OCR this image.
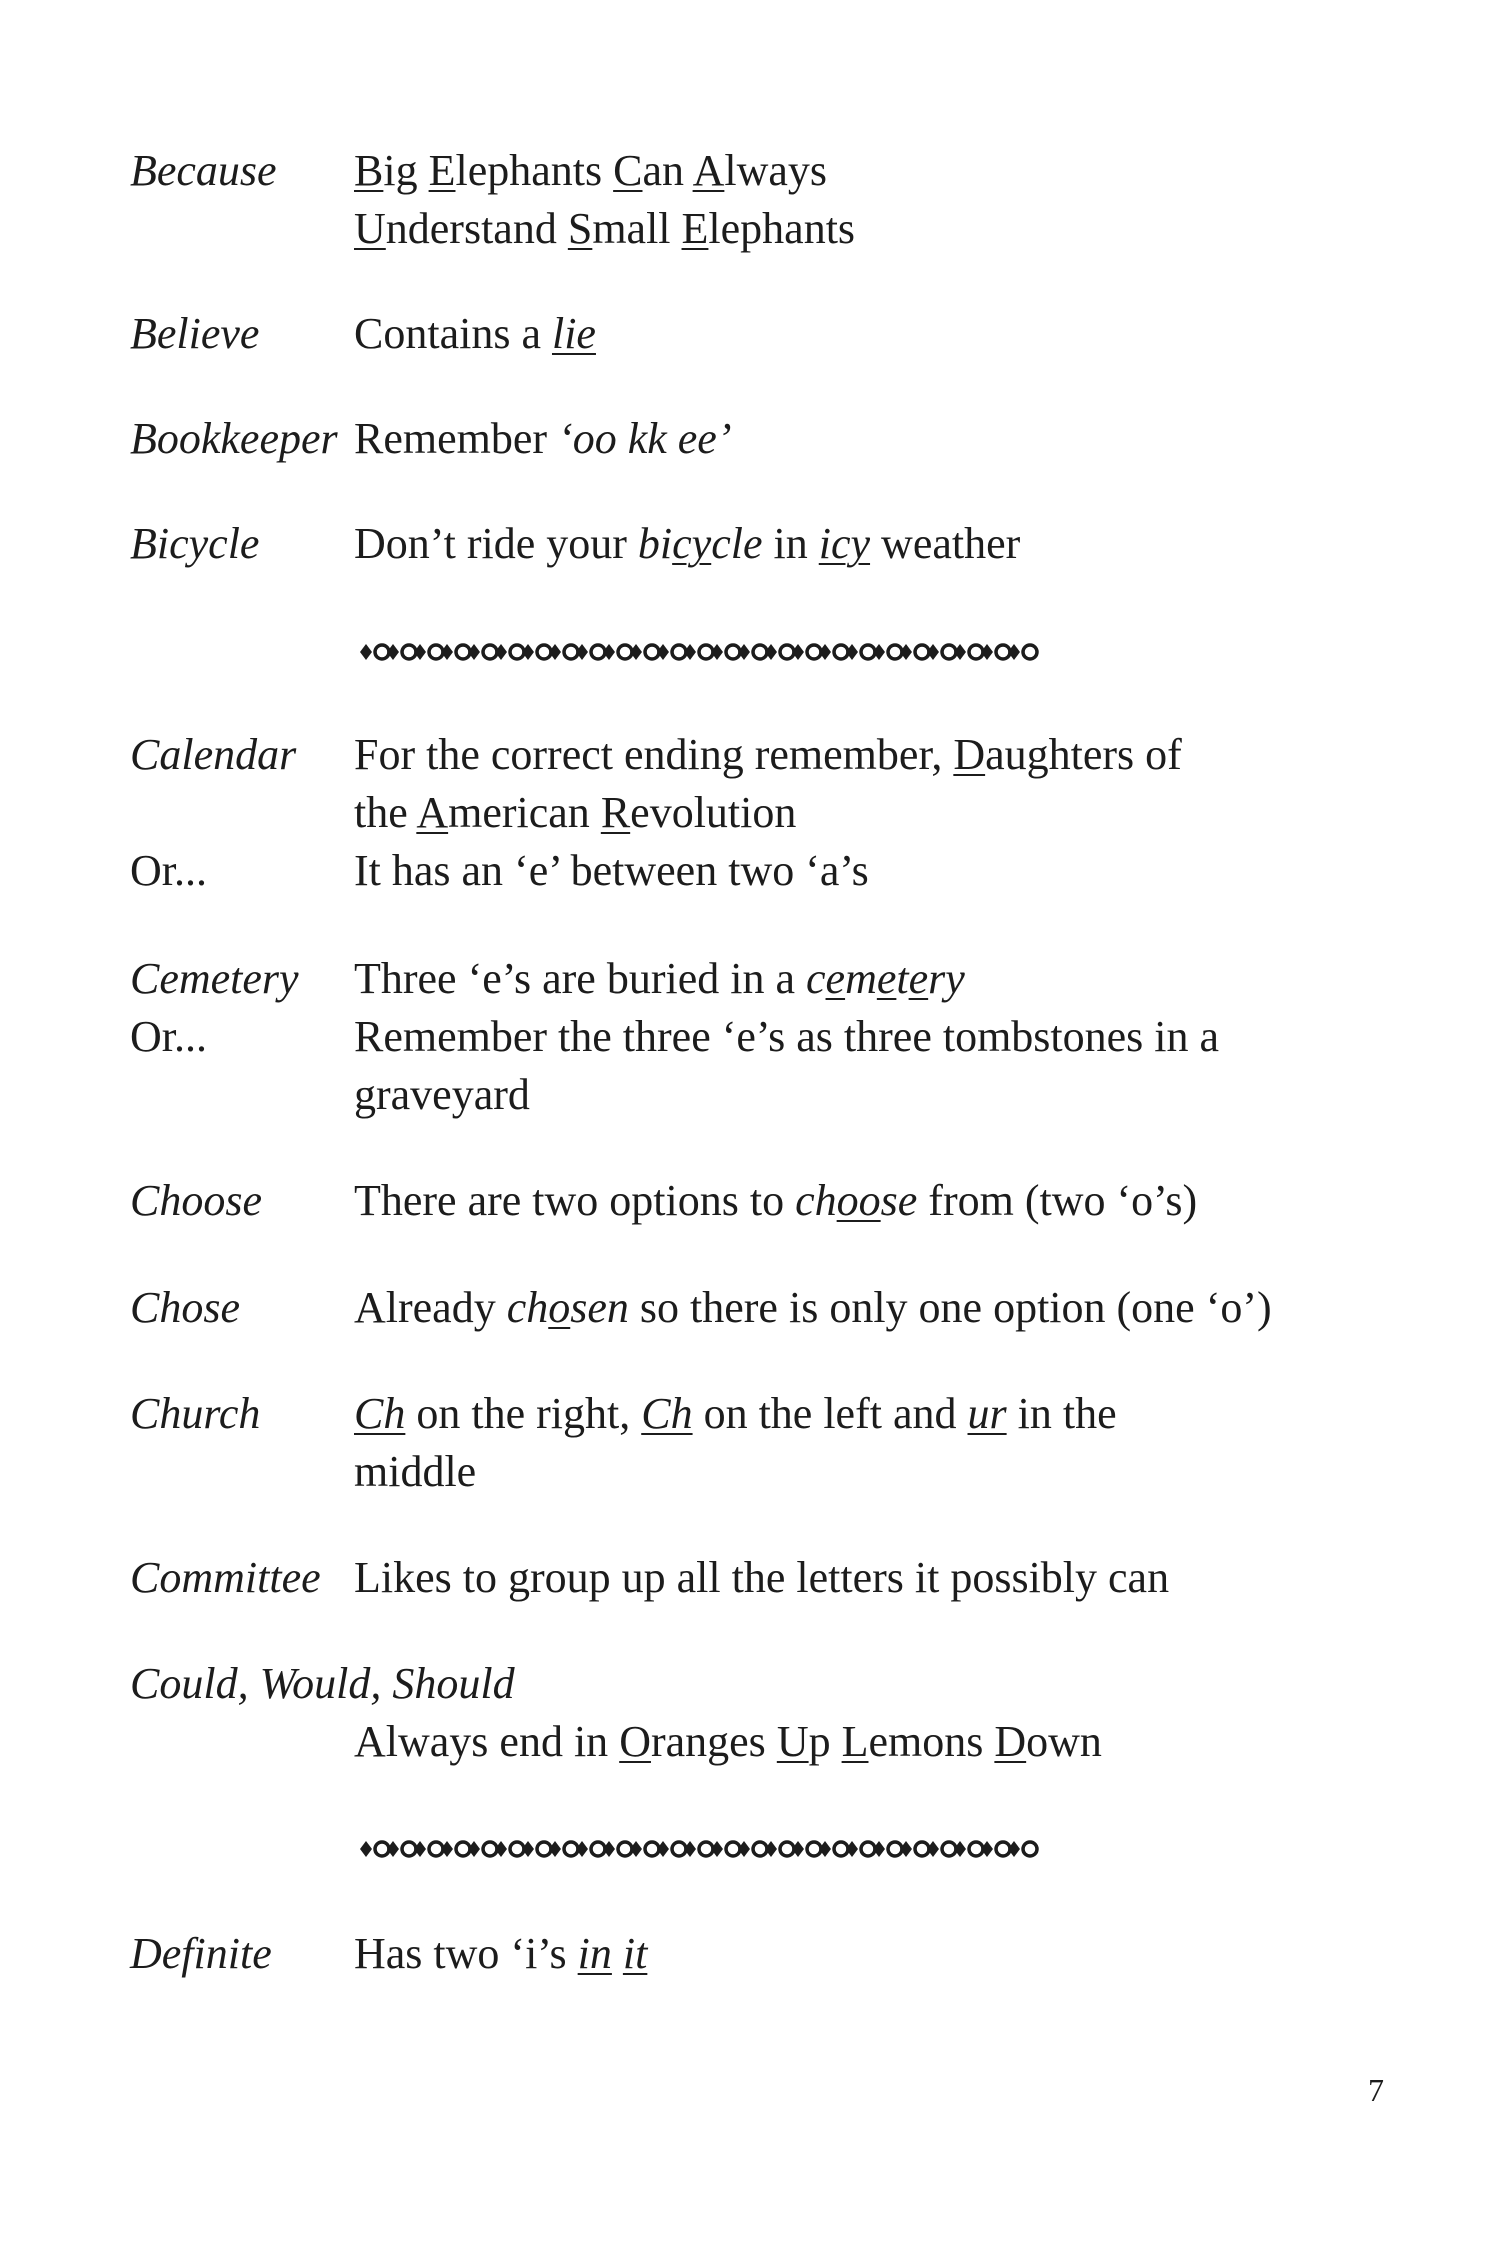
Because Big Elephants Can Always
Understand Small Elephants
Believe Contains a lie
Bookkeeper Remember ‘oo kk ee’
Bicycle Don’t ride your bicycle in icy weather
Calendar For the correct ending remember, Daughters of
the American Revolution
It has an ‘e’ between two ‘a’s
Or...
Cemetery Three ‘e’s are buried in a cemetery
Remember the three ‘e’s as three tombstones in a
graveyard
Or...
Choose There are two options to choose from (two ‘o’s)
Chose	Already chosen so there is only one option (one ‘o’)
Church Ch on the right, Ch on the left and ur in the
middle
Committee Likes to group up all the letters it possibly can
Could, Would, Should
Always end in Oranges Up Lemons Down
Definite Has two ‘i’s in it
7
